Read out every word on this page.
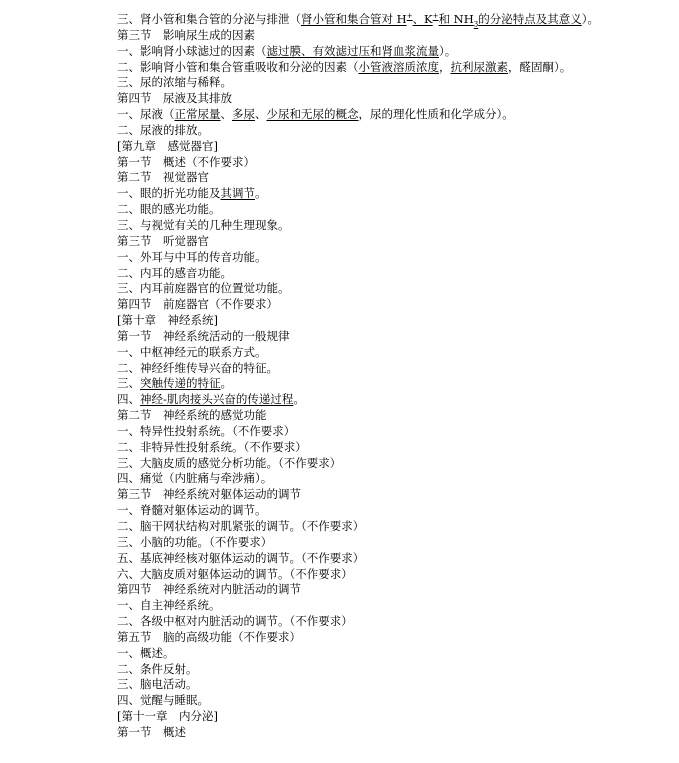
三、肾小管和集合管的分泌与排泄（肾小管和集合管对 H+、K+和 $NH_3$的分泌特点及其意义）。
第三节　影响尿生成的因素
一、影响肾小球滤过的因素（滤过膜、有效滤过压和肾血浆流量）。
二、影响肾小管和集合管重吸收和分泌的因素（小管液溶质浓度，抗利尿激素，醛固酮）。
三、尿的浓缩与稀释。
第四节　尿液及其排放
一、尿液（正常尿量、多尿、少尿和无尿的概念，尿的理化性质和化学成分）。
二、尿液的排放。
[第九章　感觉器官]
第一节　概述（不作要求）
第二节　视觉器官
一、眼的折光功能及其调节。
二、眼的感光功能。
三、与视觉有关的几种生理现象。
第三节　听觉器官
一、外耳与中耳的传音功能。
二、内耳的感音功能。
三、内耳前庭器官的位置觉功能。
第四节　前庭器官（不作要求）
[第十章　神经系统]
第一节　神经系统活动的一般规律
一、中枢神经元的联系方式。
二、神经纤维传导兴奋的特征。
三、突触传递的特征。
四、神经-肌肉接头兴奋的传递过程。
第二节　神经系统的感觉功能
一、特异性投射系统。（不作要求）
二、非特异性投射系统。（不作要求）
三、大脑皮质的感觉分析功能。（不作要求）
四、痛觉（内脏痛与牵涉痛）。
第三节　神经系统对躯体运动的调节
一、脊髓对躯体运动的调节。
二、脑干网状结构对肌紧张的调节。（不作要求）
三、小脑的功能。（不作要求）
五、基底神经核对躯体运动的调节。（不作要求）
六、大脑皮质对躯体运动的调节。（不作要求）
第四节　神经系统对内脏活动的调节
一、自主神经系统。
二、各级中枢对内脏活动的调节。（不作要求）
第五节　脑的高级功能（不作要求）
一、概述。
二、条件反射。
三、脑电活动。
四、觉醒与睡眠。
[第十一章　内分泌]
第一节　概述
